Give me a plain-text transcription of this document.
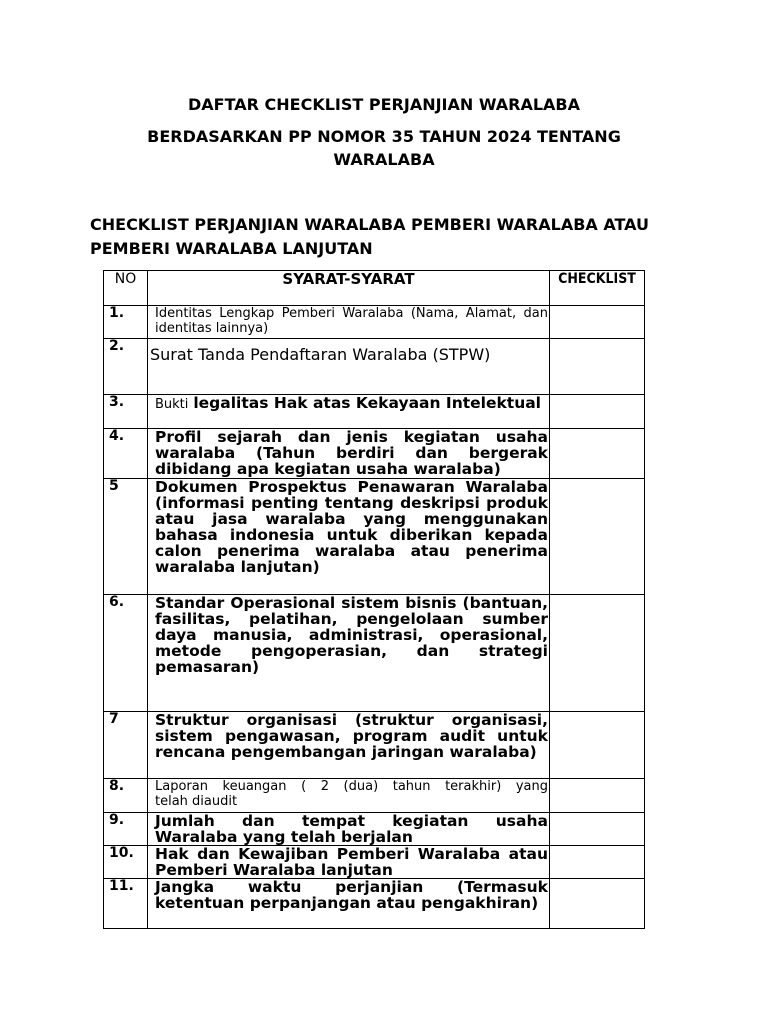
DAFTAR CHECKLIST PERJANJIAN WARALABA

BERDASARKAN PP NOMOR 35 TAHUN 2024 TENTANG WARALABA

CHECKLIST PERJANJIAN WARALABA PEMBERI WARALABA ATAU PEMBERI WARALABA LANJUTAN

NO	SYARAT-SYARAT	CHECKLIST
1.	Identitas Lengkap Pemberi Waralaba (Nama, Alamat, dan identitas lainnya)	

2.	Surat Tanda Pendaftaran Waralaba (STPW)	
3.	Bukti legalitas Hak atas Kekayaan Intelektual	
4.	Profil sejarah dan jenis kegiatan usaha waralaba (Tahun berdiri dan bergerak dibidang apa kegiatan usaha waralaba)	
5	Dokumen Prospektus Penawaran Waralaba (informasi penting tentang deskripsi produk atau jasa waralaba yang menggunakan bahasa indonesia untuk diberikan kepada calon penerima waralaba atau penerima waralaba lanjutan)	
6.	Standar Operasional sistem bisnis (bantuan, fasilitas, pelatihan, pengelolaan sumber daya manusia, administrasi, operasional, metode pengoperasian, dan strategi pemasaran)	
7	Struktur organisasi (struktur organisasi, sistem pengawasan, program audit untuk rencana pengembangan jaringan waralaba)	
8.	Laporan keuangan ( 2 (dua) tahun terakhir) yang
telah diaudit	

9.	Jumlah dan tempat kegiatan usaha Waralaba yang telah berjalan	
10.	Hak dan Kewajiban Pemberi Waralaba atau Pemberi Waralaba lanjutan	
11.	Jangka waktu perjanjian (Termasuk ketentuan perpanjangan atau pengakhiran)	
